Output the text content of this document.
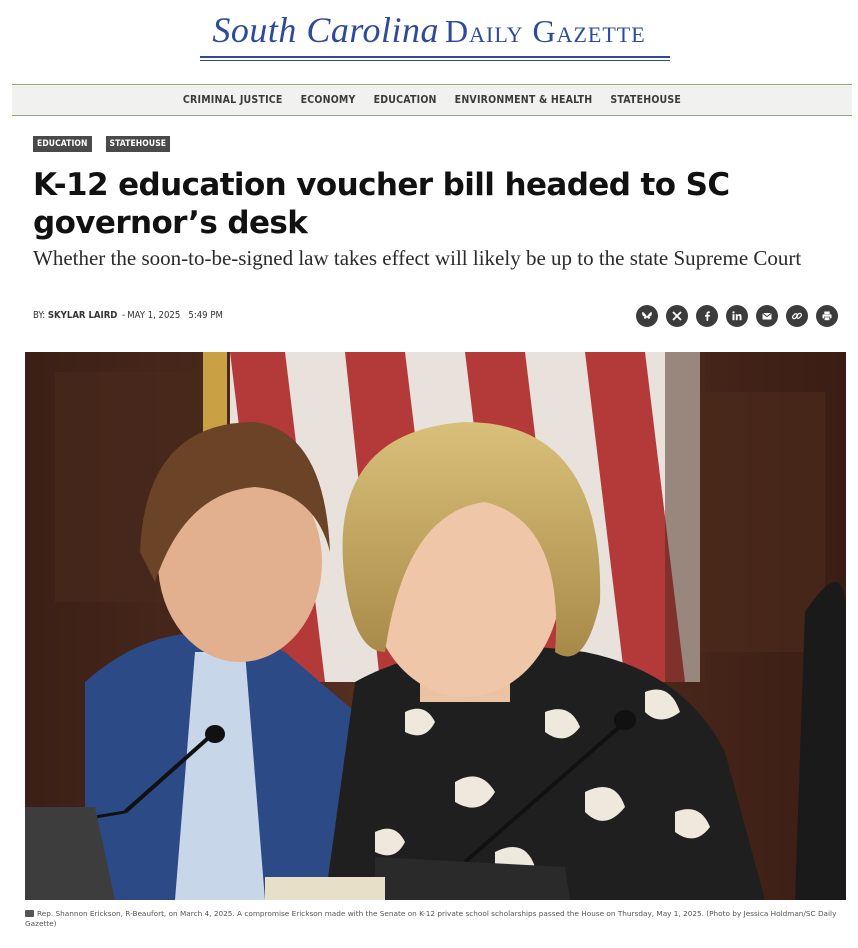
South Carolina Daily Gazette
CRIMINAL JUSTICE ECONOMY EDUCATION ENVIRONMENT & HEALTH STATEHOUSE
EDUCATION	STATEHOUSE
K-12 education voucher bill headed to SC governor’s desk

Whether the soon-to-be-signed law takes effect will likely be up to the state Supreme Court

BY: SKYLAR LAIRD - MAY 1, 2025 5:49 PM
Rep. Shannon Erickson, R-Beaufort, on March 4, 2025. A compromise Erickson made with the Senate on K-12 private school scholarships passed the House on Thursday, May 1, 2025. (Photo by Jessica Holdman/SC Daily Gazette)
